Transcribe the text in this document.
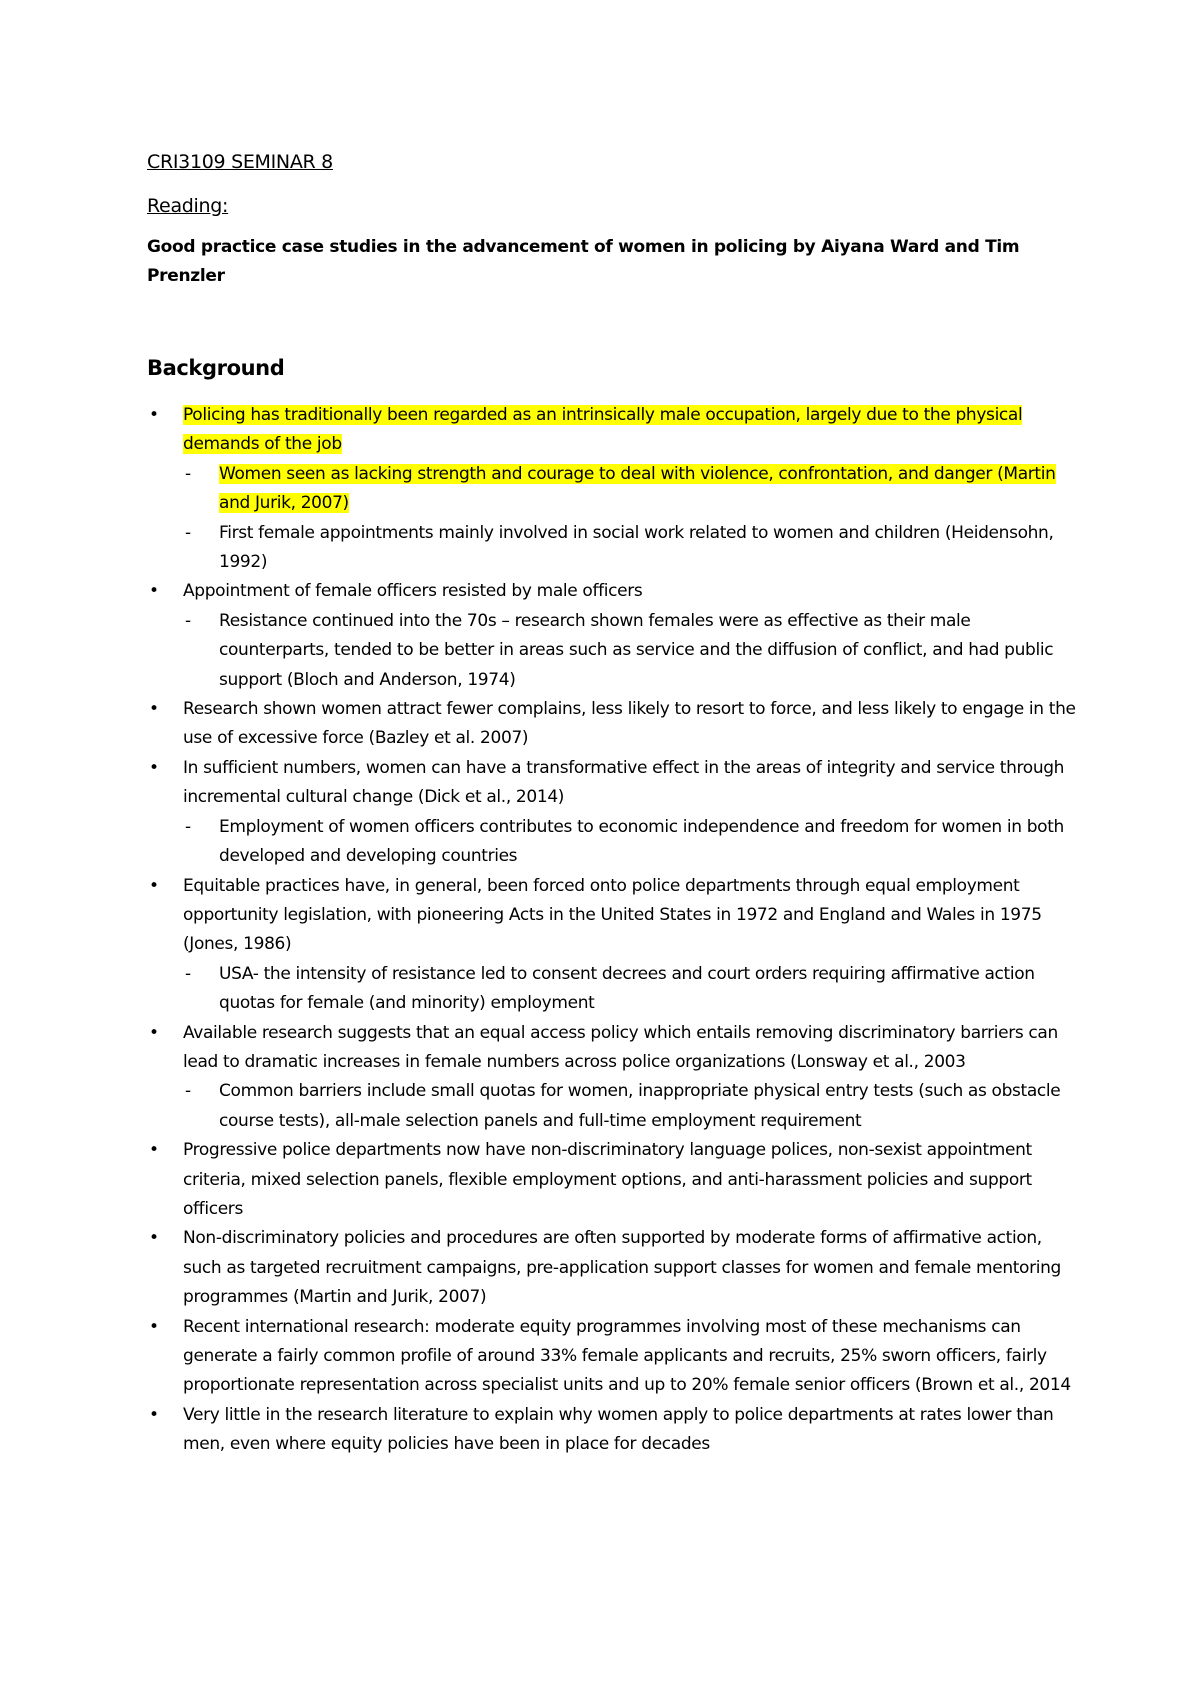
CRI3109 SEMINAR 8

Reading:

Good practice case studies in the advancement of women in policing by Aiyana Ward and Tim Prenzler

Background
• Policing has traditionally been regarded as an intrinsically male occupation, largely due to the physical demands of the job
- Women seen as lacking strength and courage to deal with violence, confrontation, and danger (Martin and Jurik, 2007)
- First female appointments mainly involved in social work related to women and children (Heidensohn, 1992)
• Appointment of female officers resisted by male officers
- Resistance continued into the 70s – research shown females were as effective as their male counterparts, tended to be better in areas such as service and the diffusion of conflict, and had public support (Bloch and Anderson, 1974)
• Research shown women attract fewer complains, less likely to resort to force, and less likely to engage in the use of excessive force (Bazley et al. 2007)
• In sufficient numbers, women can have a transformative effect in the areas of integrity and service through incremental cultural change (Dick et al., 2014)
- Employment of women officers contributes to economic independence and freedom for women in both developed and developing countries
• Equitable practices have, in general, been forced onto police departments through equal employment opportunity legislation, with pioneering Acts in the United States in 1972 and England and Wales in 1975 (Jones, 1986)
- USA- the intensity of resistance led to consent decrees and court orders requiring affirmative action quotas for female (and minority) employment
• Available research suggests that an equal access policy which entails removing discriminatory barriers can lead to dramatic increases in female numbers across police organizations (Lonsway et al., 2003
- Common barriers include small quotas for women, inappropriate physical entry tests (such as obstacle course tests), all-male selection panels and full-time employment requirement
• Progressive police departments now have non-discriminatory language polices, non-sexist appointment criteria, mixed selection panels, flexible employment options, and anti-harassment policies and support officers
• Non-discriminatory policies and procedures are often supported by moderate forms of affirmative action, such as targeted recruitment campaigns, pre-application support classes for women and female mentoring programmes (Martin and Jurik, 2007)
• Recent international research: moderate equity programmes involving most of these mechanisms can generate a fairly common profile of around 33% female applicants and recruits, 25% sworn officers, fairly proportionate representation across specialist units and up to 20% female senior officers (Brown et al., 2014
• Very little in the research literature to explain why women apply to police departments at rates lower than men, even where equity policies have been in place for decades
